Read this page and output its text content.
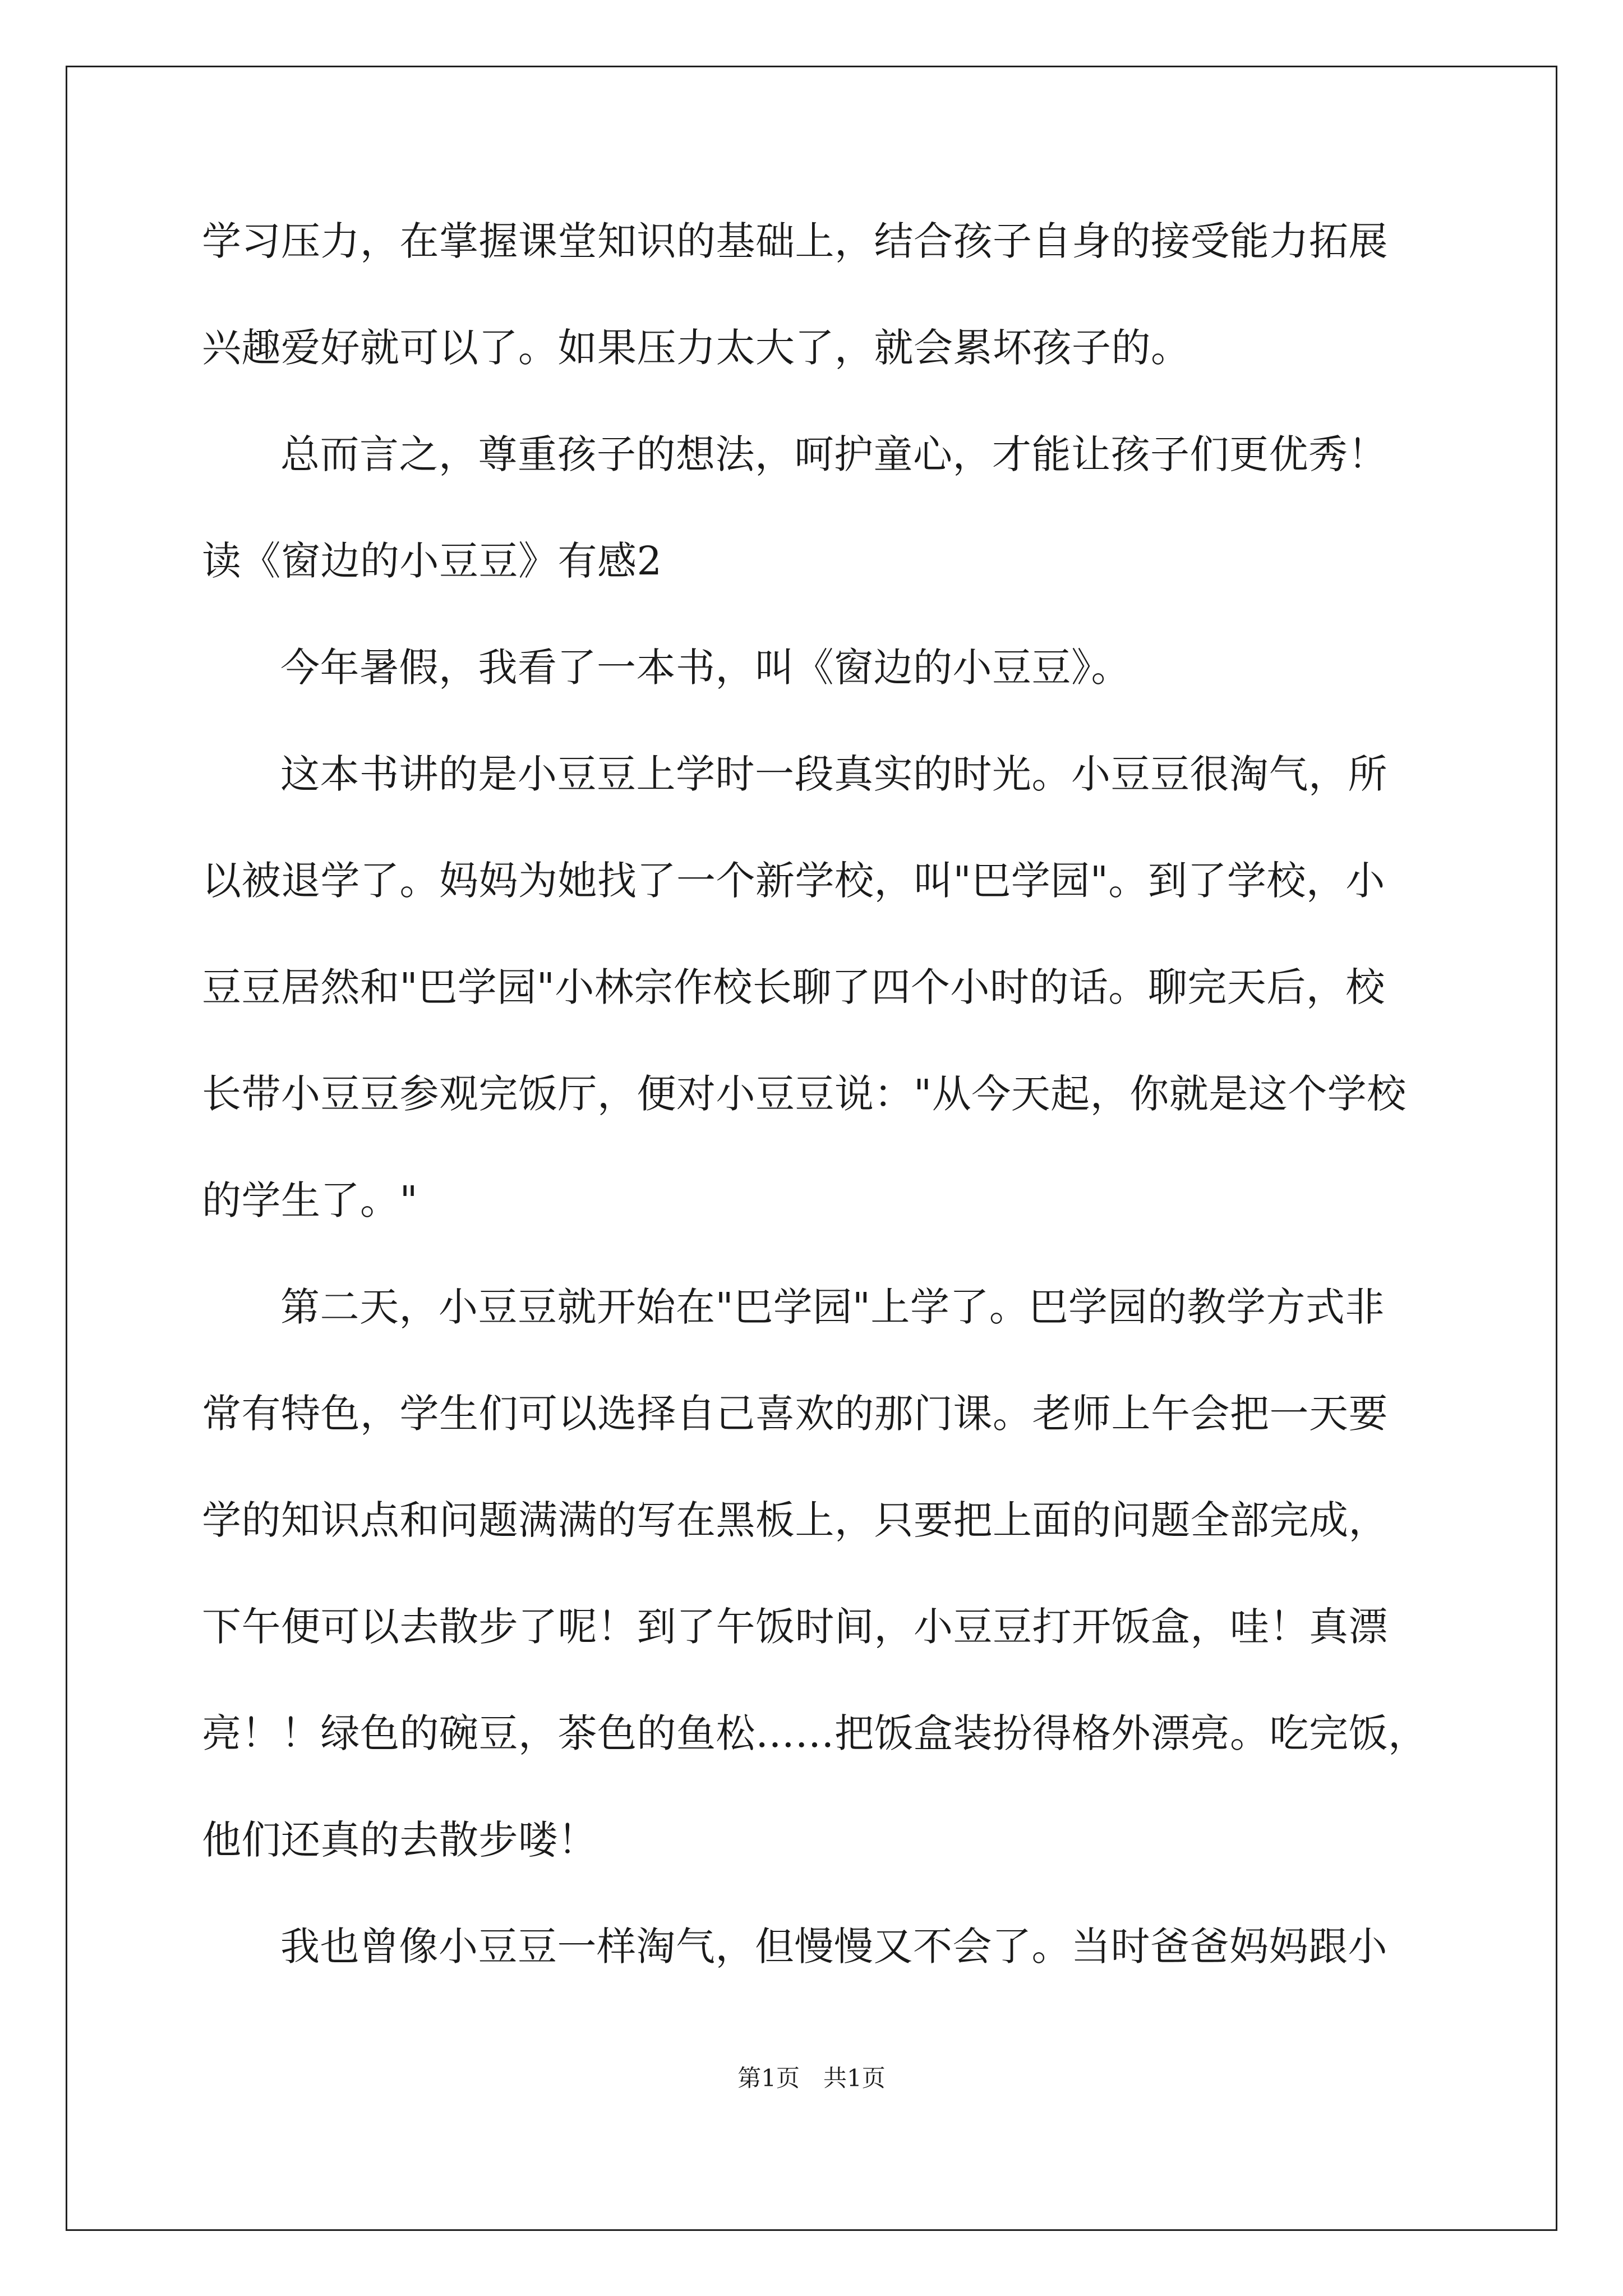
学习压力，在掌握课堂知识的基础上，结合孩子自身的接受能力拓展
兴趣爱好就可以了。如果压力太大了，就会累坏孩子的。
总而言之，尊重孩子的想法，呵护童心，才能让孩子们更优秀！
读《窗边的小豆豆》有感2
今年暑假，我看了一本书，叫《窗边的小豆豆》。
这本书讲的是小豆豆上学时一段真实的时光。小豆豆很淘气，所
以被退学了。妈妈为她找了一个新学校，叫"巴学园"。到了学校，小
豆豆居然和"巴学园"小林宗作校长聊了四个小时的话。聊完天后，校
长带小豆豆参观完饭厅，便对小豆豆说："从今天起，你就是这个学校
的学生了。"
第二天，小豆豆就开始在"巴学园"上学了。巴学园的教学方式非
常有特色，学生们可以选择自己喜欢的那门课。老师上午会把一天要
学的知识点和问题满满的写在黑板上，只要把上面的问题全部完成，
下午便可以去散步了呢！到了午饭时间，小豆豆打开饭盒，哇！真漂
亮！！绿色的碗豆，茶色的鱼松……把饭盒装扮得格外漂亮。吃完饭，
他们还真的去散步喽！
我也曾像小豆豆一样淘气，但慢慢又不会了。当时爸爸妈妈跟小
第1页　共1页
